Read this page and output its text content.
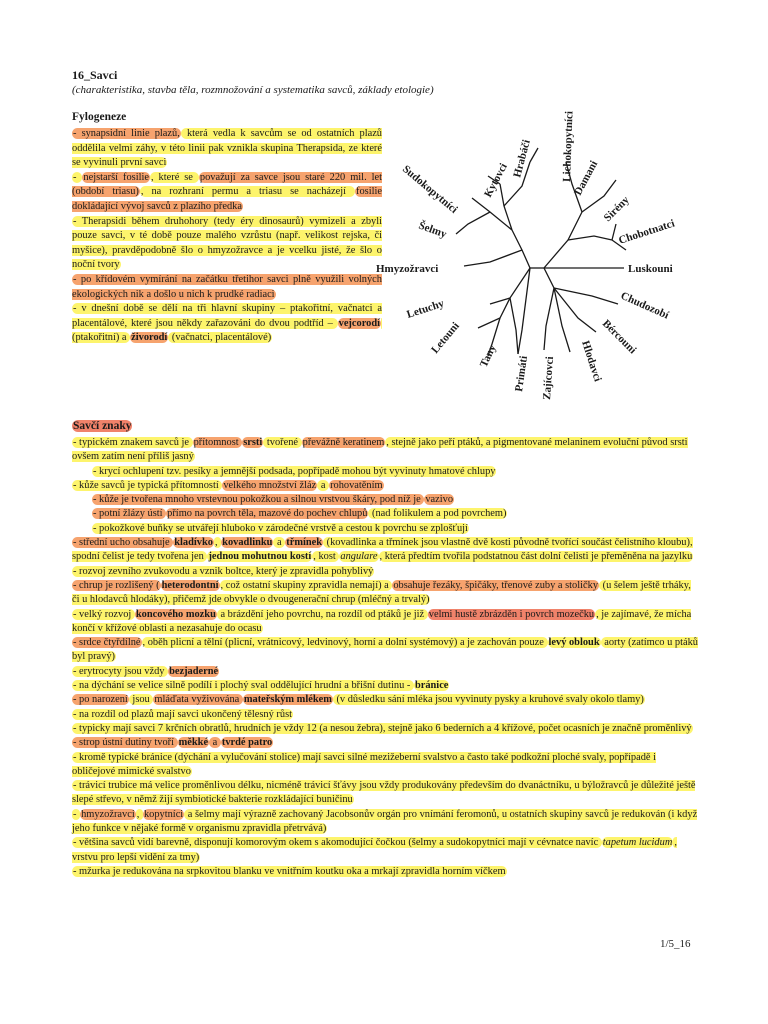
16_Savci
(charakteristika, stavba těla, rozmnožování a systematika savců, základy etologie)
Fylogeneze

- synapsidní linie plazů, která vedla k savcům se od ostatních plazů oddělila velmi záhy, v této linii pak vznikla skupina Therapsida, ze které se vyvinuli první savci

- nejstarší fosilie , které se považují za savce jsou staré 220 mil. let (období triasu) , na rozhraní permu a triasu se nacházejí fosilie dokládající vývoj savců z plazího předka

- Therapsidi během druhohory (tedy éry dinosaurů) vymizeli a zbyli pouze savci, v té době pouze malého vzrůstu (např. velikost rejska, či myšice), pravděpodobně šlo o hmyzožravce a je vcelku jisté, že šlo o noční tvory

- po křídovém vymírání na začátku třetihor savci plně využili volných ekologických nik a došlo u nich k prudké radiaci

- v dnešní době se dělí na tři hlavní skupiny – ptakořitní, vačnatci a placentálové, které jsou někdy zařazováni do dvou podtříd – vejcorodí (ptakořitní) a živorodí (vačnatci, placentálové)

Lichokopytníci
Hrabáči
Kytovci
Sudokopytníci
Šelmy
Hmyzožravci
Letuchy
Letouni
Tany Primáti Zajícovci Hlodavci
Bércouni
Chudozobí
Luskouni
Chobotnatci
Sirény
Damani
Savčí znaky

- typickém znakem savců je přítomnost srsti tvořené převážně keratinem , stejně jako peří ptáků, a pigmentované melaninem evoluční původ srsti ovšem zatím není příliš jasný

- krycí ochlupení tzv. pesíky a jemnější podsada, popřípadě mohou být vyvinuty hmatové chlupy

- kůže savců je typická přítomností velkého množství žláz a rohovatěním

- kůže je tvořena mnoho vrstevnou pokožkou a silnou vrstvou škáry, pod níž je vazivo

- potní žlázy ústí přímo na povrch těla, mazové do pochev chlupů (nad folikulem a pod povrchem)

- pokožkové buňky se utvářejí hluboko v zárodečné vrstvě a cestou k povrchu se zplošťují

- střední ucho obsahuje kladívko , kovadlinku a třmínek (kovadlinka a třmínek jsou vlastně dvě kosti původně tvořící součást čelistního kloubu), spodní čelist je tedy tvořena jen jednou mohutnou kostí , kost angulare , která předtím tvořila podstatnou část dolní čelisti je přeměněna na jazylku

- rozvoj zevního zvukovodu a vznik boltce, který je zpravidla pohyblivý

- chrup je rozlišený ( heterodontní , což ostatní skupiny zpravidla nemají) a obsahuje řezáky, špičáky, třenové zuby a stoličky (u šelem ještě trháky, či u hlodavců hlodáky), přičemž jde obvykle o dvougenerační chrup (mléčný a trvalý)

- velký rozvoj koncového mozku a brázdění jeho povrchu, na rozdíl od ptáků je již velmi hustě zbrázděn i povrch mozečku , je zajímavé, že mícha končí v křížové oblasti a nezasahuje do ocasu

- srdce čtyřdílné , oběh plicní a tělní (plicní, vrátnicový, ledvinový, horní a dolní systémový) a je zachován pouze levý oblouk aorty (zatímco u ptáků byl pravý)

- erytrocyty jsou vždy bezjaderné

- na dýchání se velice silně podílí i plochý sval oddělující hrudní a břišní dutinu - bránice

- po narození jsou mláďata vyživována mateřským mlékem (v důsledku sání mléka jsou vyvinuty pysky a kruhové svaly okolo tlamy)

- na rozdíl od plazů mají savci ukončený tělesný růst

- typicky mají savci 7 krčních obratlů, hrudních je vždy 12 (a nesou žebra), stejně jako 6 bederních a 4 křížové, počet ocasních je značně proměnlivý

- strop ústní dutiny tvoří měkké a tvrdé patro

- kromě typické bránice (dýchání a vylučování stolice) mají savci silné mezižeberní svalstvo a často také podkožní ploché svaly, popřípadě i obličejové mimické svalstvo

- trávicí trubice má velice proměnlivou délku, nicméně trávicí šťávy jsou vždy produkovány především do dvanáctníku, u býložravců je důležité ještě slepé střevo, v němž žijí symbiotické bakterie rozkládající buničinu

- hmyzožravci , kopytníci a šelmy mají výrazně zachovaný Jacobsonův orgán pro vnímání feromonů, u ostatních skupiny savců je redukován (i když jeho funkce v nějaké formě v organismu zpravidla přetrvává)

- většina savců vidí barevně, disponují komorovým okem s akomodující čočkou (šelmy a sudokopytníci mají v cévnatce navíc tapetum lucidum , vrstvu pro lepší vidění za tmy)

- mžurka je redukována na srpkovitou blanku ve vnitřním koutku oka a mrkají zpravidla horním víčkem

1/5_16
